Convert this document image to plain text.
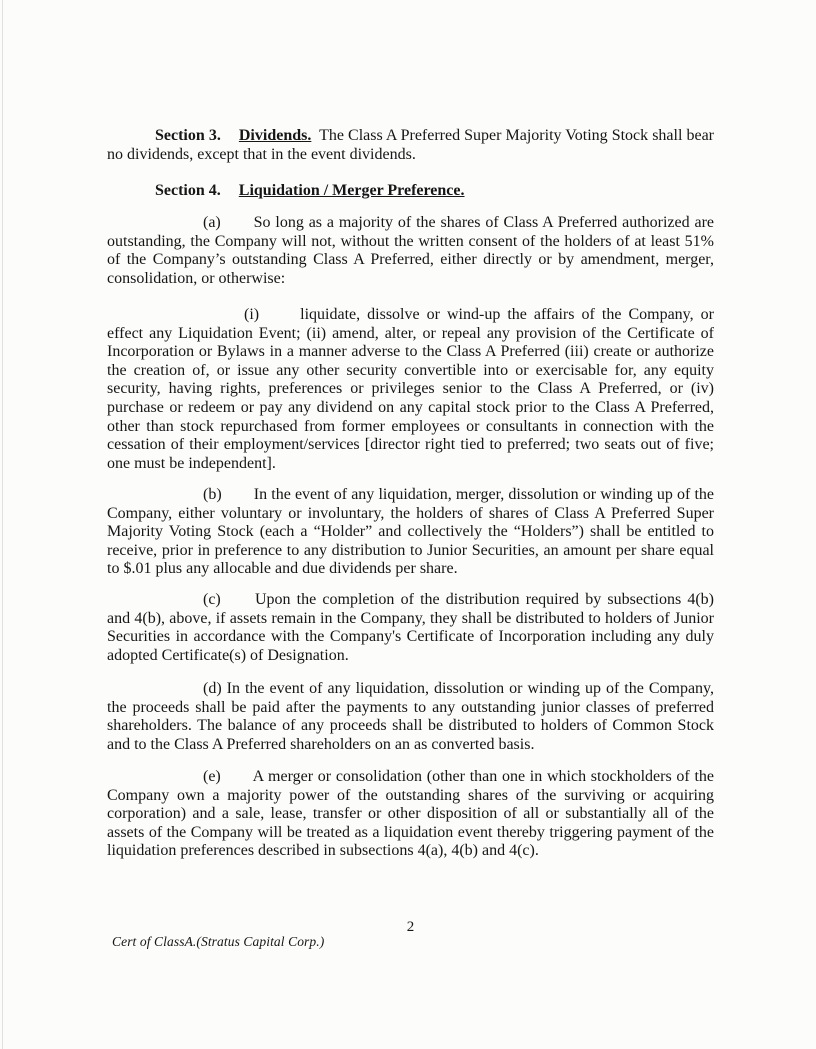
Section 3. Dividends. The Class A Preferred Super Majority Voting Stock shall bear no dividends, except that in the event dividends.

Section 4. Liquidation / Merger Preference.

(a) So long as a majority of the shares of Class A Preferred authorized are outstanding, the Company will not, without the written consent of the holders of at least 51% of the Company’s outstanding Class A Preferred, either directly or by amendment, merger, consolidation, or otherwise:

(i)	liquidate, dissolve or wind-up the affairs of the Company, or effect any Liquidation Event; (ii) amend, alter, or repeal any provision of the Certificate of Incorporation or Bylaws in a manner adverse to the Class A Preferred (iii) create or authorize the creation of, or issue any other security convertible into or exercisable for, any equity security, having rights, preferences or privileges senior to the Class A Preferred, or (iv) purchase or redeem or pay any dividend on any capital stock prior to the Class A Preferred, other than stock repurchased from former employees or consultants in connection with the cessation of their employment/services [director right tied to preferred; two seats out of five; one must be independent].

(b) In the event of any liquidation, merger, dissolution or winding up of the Company, either voluntary or involuntary, the holders of shares of Class A Preferred Super Majority Voting Stock (each a “Holder” and collectively the “Holders”) shall be entitled to receive, prior in preference to any distribution to Junior Securities, an amount per share equal to $.01 plus any allocable and due dividends per share.

(c) Upon the completion of the distribution required by subsections 4(b) and 4(b), above, if assets remain in the Company, they shall be distributed to holders of Junior Securities in accordance with the Company's Certificate of Incorporation including any duly adopted Certificate(s) of Designation.

(d) In the event of any liquidation, dissolution or winding up of the Company, the proceeds shall be paid after the payments to any outstanding junior classes of preferred shareholders. The balance of any proceeds shall be distributed to holders of Common Stock and to the Class A Preferred shareholders on an as converted basis.

(e) A merger or consolidation (other than one in which stockholders of the Company own a majority power of the outstanding shares of the surviving or acquiring corporation) and a sale, lease, transfer or other disposition of all or substantially all of the assets of the Company will be treated as a liquidation event thereby triggering payment of the liquidation preferences described in subsections 4(a), 4(b) and 4(c).

2
Cert of ClassA.(Stratus Capital Corp.)
